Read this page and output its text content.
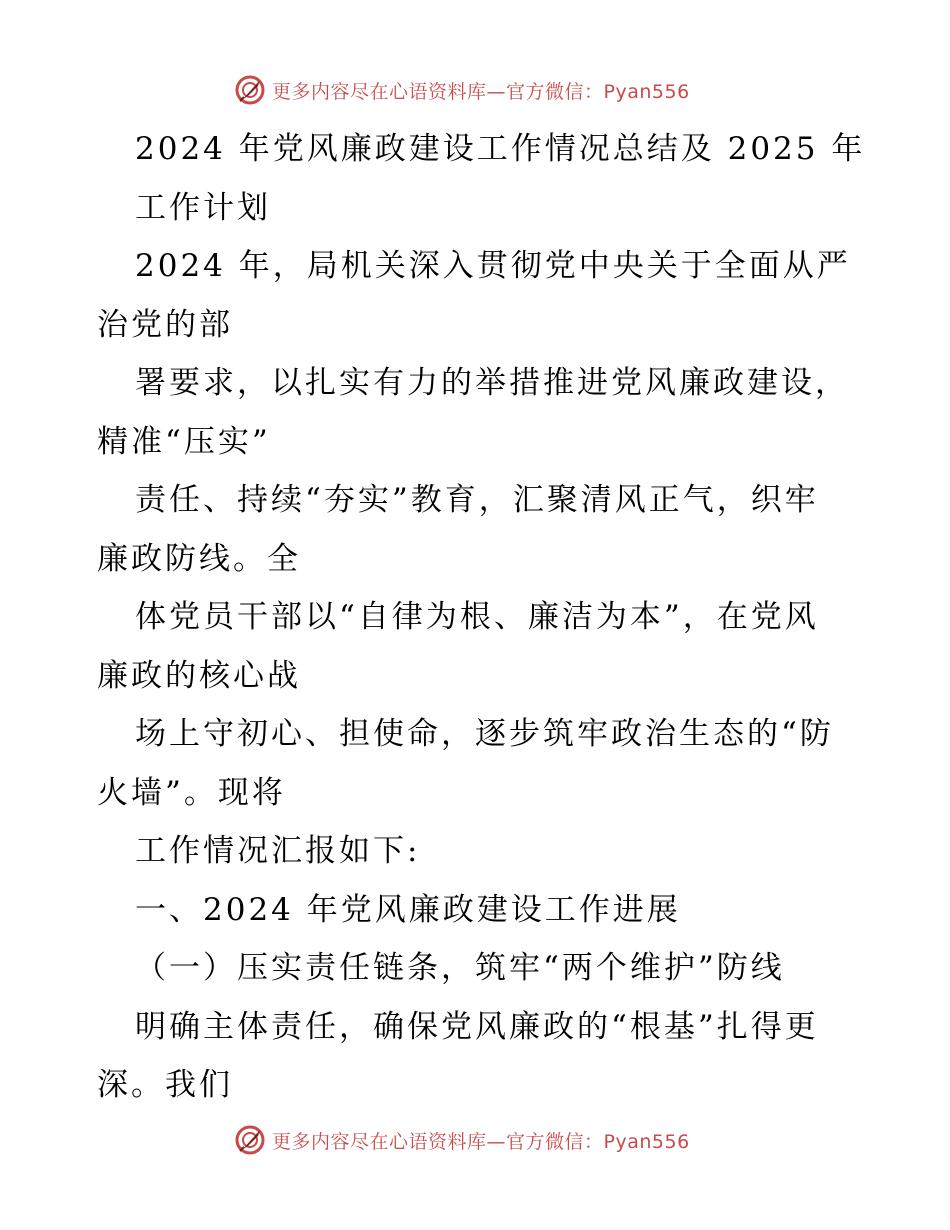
更多内容尽在心语资料库—官方微信：Pyan556
2024 年党风廉政建设工作情况总结及 2025 年
工作计划
2024 年，局机关深入贯彻党中央关于全面从严
治党的部
署要求，以扎实有力的举措推进党风廉政建设，
精准“压实”
责任、持续“夯实”教育，汇聚清风正气，织牢
廉政防线。全
体党员干部以“自律为根、廉洁为本”，在党风
廉政的核心战
场上守初心、担使命，逐步筑牢政治生态的“防
火墙”。现将
工作情况汇报如下:
一、2024 年党风廉政建设工作进展
（一）压实责任链条，筑牢“两个维护”防线
明确主体责任，确保党风廉政的“根基”扎得更
深。我们
更多内容尽在心语资料库—官方微信：Pyan556
